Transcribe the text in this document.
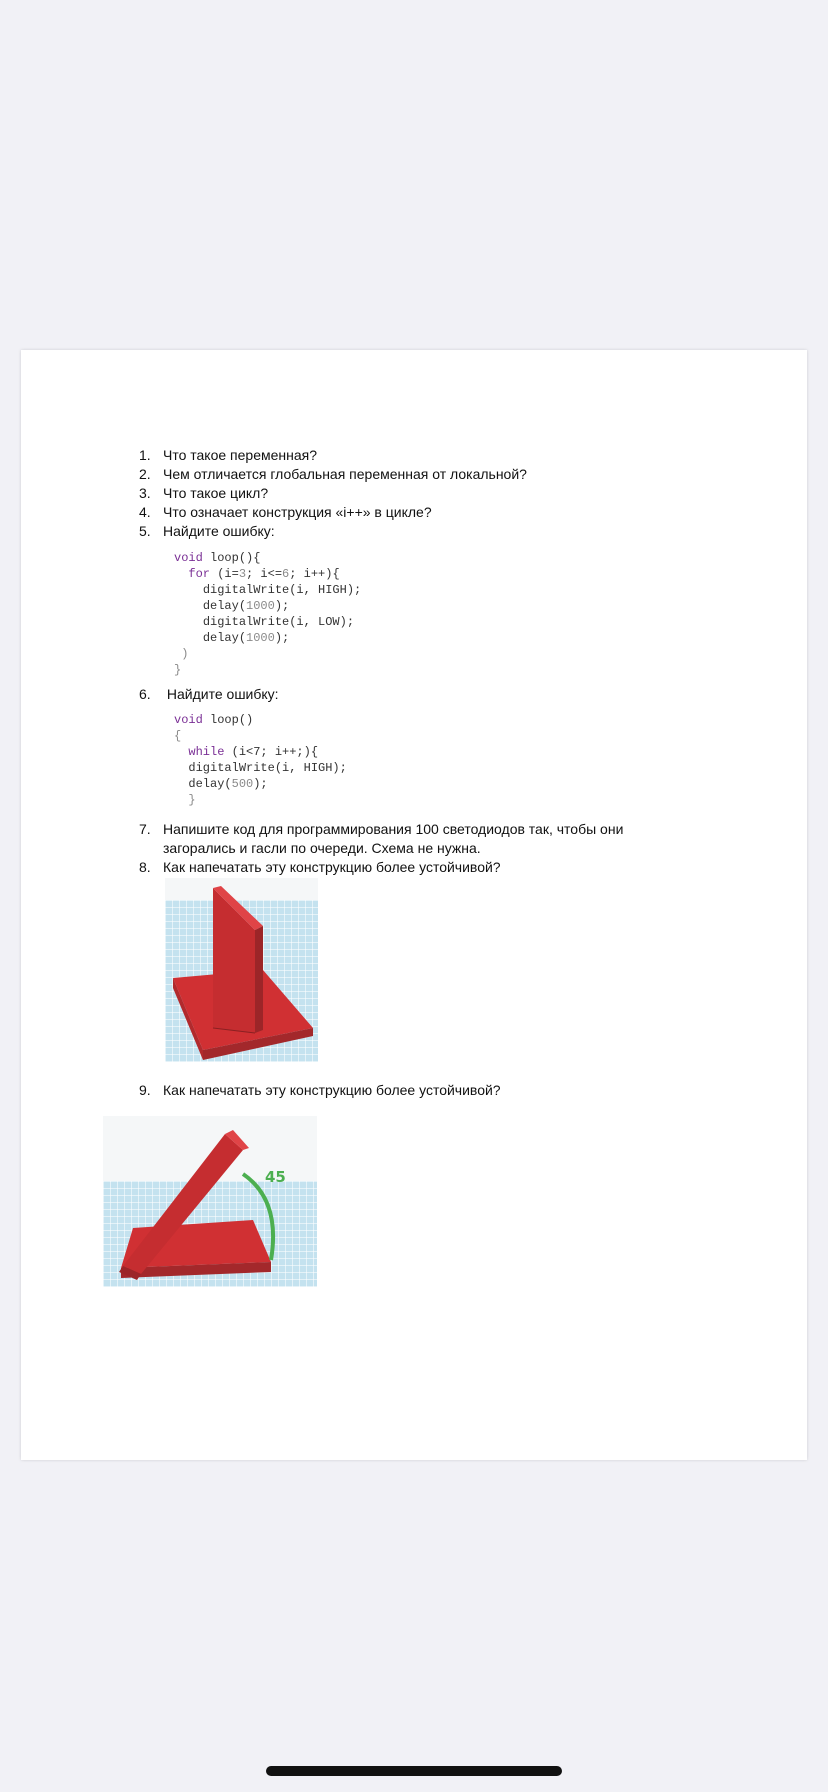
1. Что такое переменная?
2. Чем отличается глобальная переменная от локальной?
3. Что такое цикл?
4. Что означает конструкция «i++» в цикле?
5. Найдите ошибку:
void loop(){
for (i=3; i<=6; i++){
digitalWrite(i, HIGH);
delay(1000);
digitalWrite(i, LOW);
delay(1000);
)
}
6. Найдите ошибку:
void loop()
{
while (i<7; i++;){
digitalWrite(i, HIGH);
delay(500);
}
7. Напишите код для программирования 100 светодиодов так, чтобы они загорались и гасли по очереди. Схема не нужна.
8. Как напечатать эту конструкцию более устойчивой?
9. Как напечатать эту конструкцию более устойчивой?
45
